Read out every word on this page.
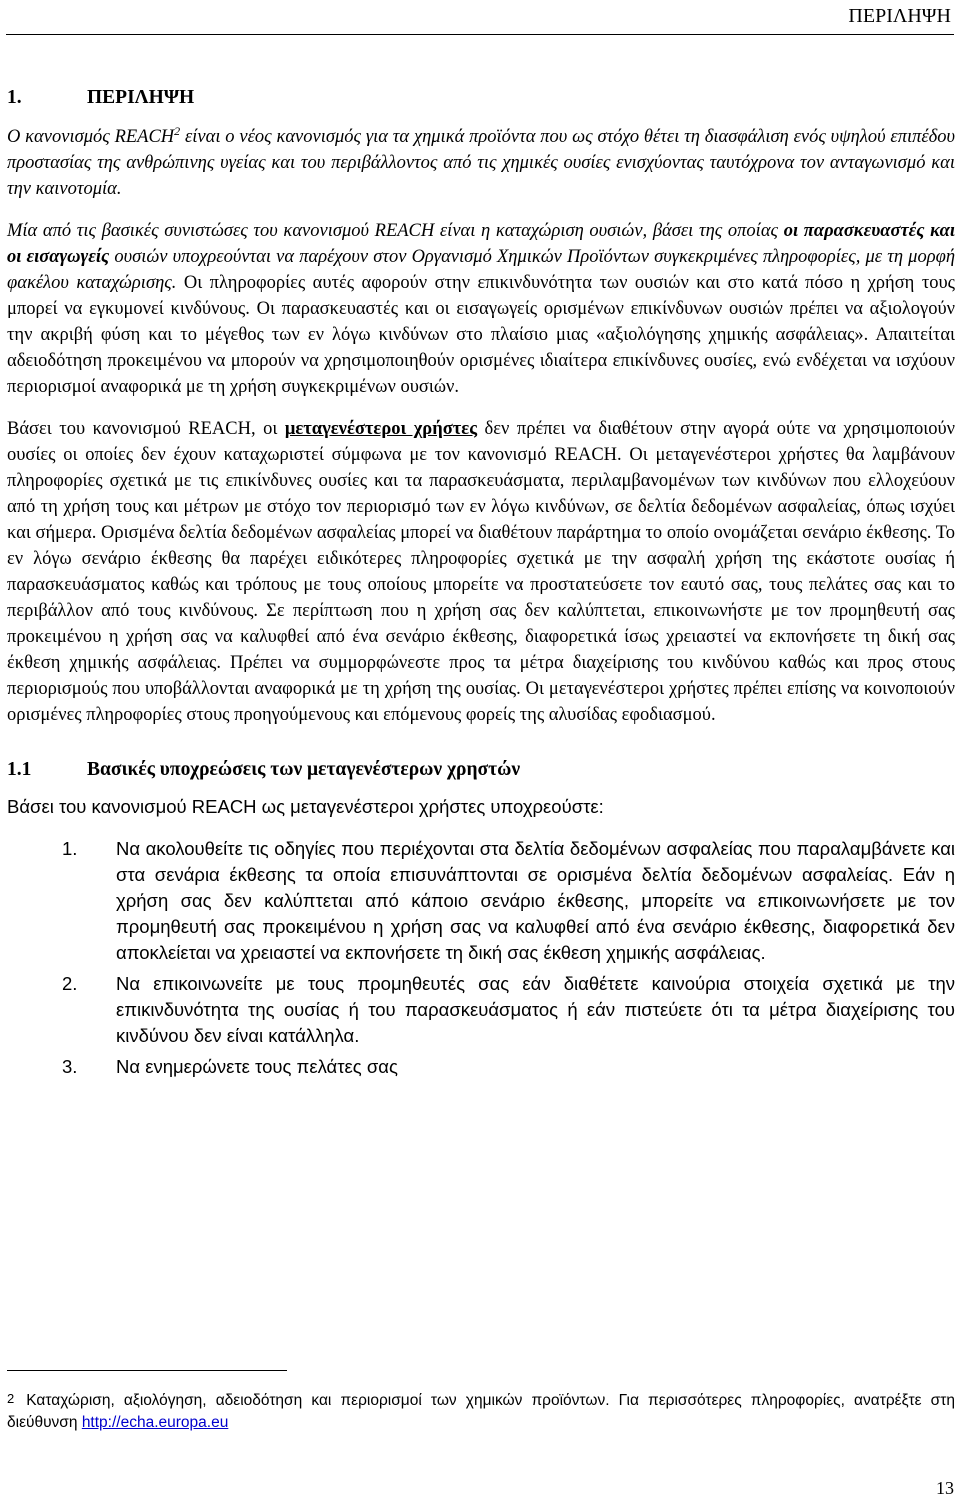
ΠΕΡΙΛΗΨΗ
1.	ΠΕΡΙΛΗΨΗ

Ο κανονισμός REACH$^2$ είναι ο νέος κανονισμός για τα χημικά προϊόντα που ως στόχο θέτει τη διασφάλιση ενός υψηλού επιπέδου προστασίας της ανθρώπινης υγείας και του περιβάλλοντος από τις χημικές ουσίες ενισχύοντας ταυτόχρονα τον ανταγωνισμό και την καινοτομία.

Μία από τις βασικές συνιστώσες του κανονισμού REACH είναι η καταχώριση ουσιών, βάσει της οποίας οι παρασκευαστές και οι εισαγωγείς ουσιών υποχρεούνται να παρέχουν στον Οργανισμό Χημικών Προϊόντων συγκεκριμένες πληροφορίες, με τη μορφή φακέλου καταχώρισης. Οι πληροφορίες αυτές αφορούν στην επικινδυνότητα των ουσιών και στο κατά πόσο η χρήση τους μπορεί να εγκυμονεί κινδύνους. Οι παρασκευαστές και οι εισαγωγείς ορισμένων επικίνδυνων ουσιών πρέπει να αξιολογούν την ακριβή φύση και το μέγεθος των εν λόγω κινδύνων στο πλαίσιο μιας «αξιολόγησης χημικής ασφάλειας». Απαιτείται αδειοδότηση προκειμένου να μπορούν να χρησιμοποιηθούν ορισμένες ιδιαίτερα επικίνδυνες ουσίες, ενώ ενδέχεται να ισχύουν περιορισμοί αναφορικά με τη χρήση συγκεκριμένων ουσιών.

Βάσει του κανονισμού REACH, οι μεταγενέστεροι χρήστες δεν πρέπει να διαθέτουν στην αγορά ούτε να χρησιμοποιούν ουσίες οι οποίες δεν έχουν καταχωριστεί σύμφωνα με τον κανονισμό REACH. Οι μεταγενέστεροι χρήστες θα λαμβάνουν πληροφορίες σχετικά με τις επικίνδυνες ουσίες και τα παρασκευάσματα, περιλαμβανομένων των κινδύνων που ελλοχεύουν από τη χρήση τους και μέτρων με στόχο τον περιορισμό των εν λόγω κινδύνων, σε δελτία δεδομένων ασφαλείας, όπως ισχύει και σήμερα. Ορισμένα δελτία δεδομένων ασφαλείας μπορεί να διαθέτουν παράρτημα το οποίο ονομάζεται σενάριο έκθεσης. Το εν λόγω σενάριο έκθεσης θα παρέχει ειδικότερες πληροφορίες σχετικά με την ασφαλή χρήση της εκάστοτε ουσίας ή παρασκευάσματος καθώς και τρόπους με τους οποίους μπορείτε να προστατεύσετε τον εαυτό σας, τους πελάτες σας και το περιβάλλον από τους κινδύνους. Σε περίπτωση που η χρήση σας δεν καλύπτεται, επικοινωνήστε με τον προμηθευτή σας προκειμένου η χρήση σας να καλυφθεί από ένα σενάριο έκθεσης, διαφορετικά ίσως χρειαστεί να εκπονήσετε τη δική σας έκθεση χημικής ασφάλειας. Πρέπει να συμμορφώνεστε προς τα μέτρα διαχείρισης του κινδύνου καθώς και προς στους περιορισμούς που υποβάλλονται αναφορικά με τη χρήση της ουσίας. Οι μεταγενέστεροι χρήστες πρέπει επίσης να κοινοποιούν ορισμένες πληροφορίες στους προηγούμενους και επόμενους φορείς της αλυσίδας εφοδιασμού.

1.1	Βασικές υποχρεώσεις των μεταγενέστερων χρηστών

Βάσει του κανονισμού REACH ως μεταγενέστεροι χρήστες υποχρεούστε:

1. Να ακολουθείτε τις οδηγίες που περιέχονται στα δελτία δεδομένων ασφαλείας που παραλαμβάνετε και στα σενάρια έκθεσης τα οποία επισυνάπτονται σε ορισμένα δελτία δεδομένων ασφαλείας. Εάν η χρήση σας δεν καλύπτεται από κάποιο σενάριο έκθεσης, μπορείτε να επικοινωνήσετε με τον προμηθευτή σας προκειμένου η χρήση σας να καλυφθεί από ένα σενάριο έκθεσης, διαφορετικά δεν αποκλείεται να χρειαστεί να εκπονήσετε τη δική σας έκθεση χημικής ασφάλειας.
2. Να επικοινωνείτε με τους προμηθευτές σας εάν διαθέτετε καινούρια στοιχεία σχετικά με την επικινδυνότητα της ουσίας ή του παρασκευάσματος ή εάν πιστεύετε ότι τα μέτρα διαχείρισης του κινδύνου δεν είναι κατάλληλα.
3. Να ενημερώνετε τους πελάτες σας
2 Καταχώριση, αξιολόγηση, αδειοδότηση και περιορισμοί των χημικών προϊόντων. Για περισσότερες πληροφορίες, ανατρέξτε στη διεύθυνση http://echa.europa.eu
13
